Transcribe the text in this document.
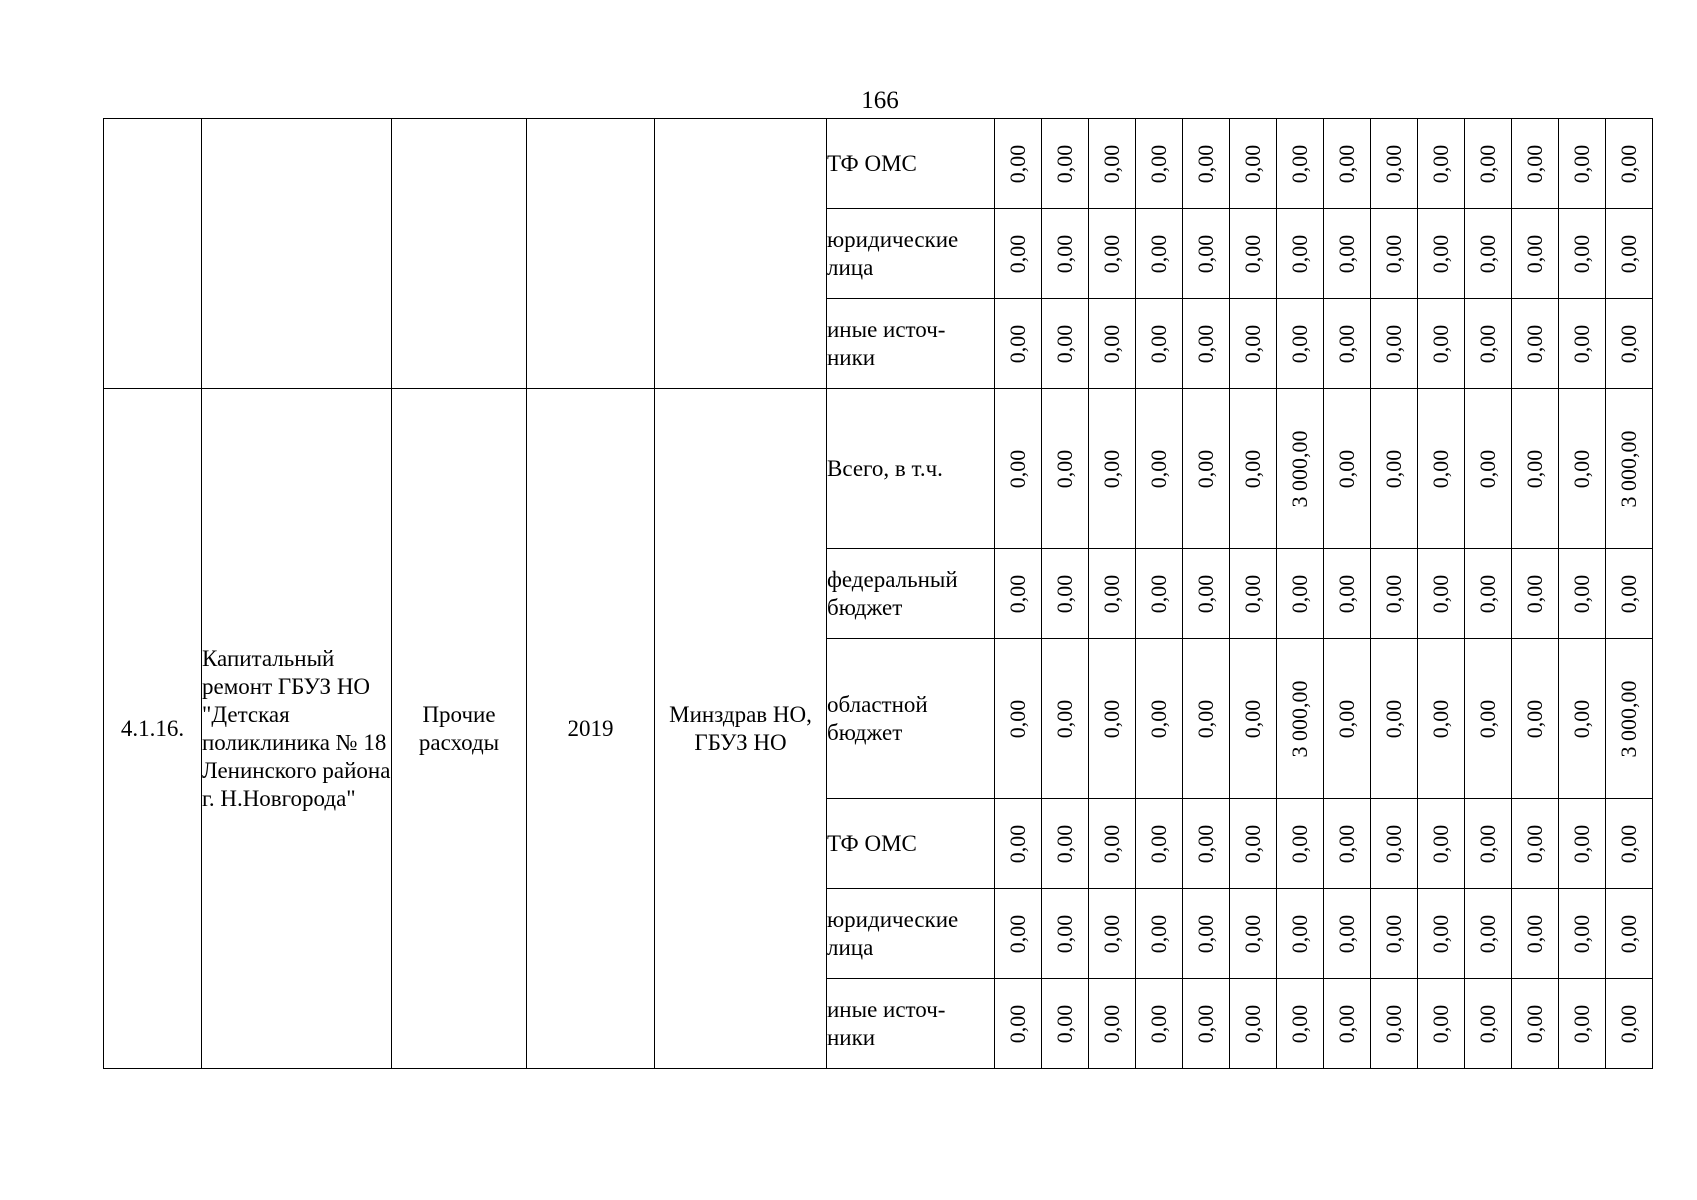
166
					ТФ ОМС	0,00	0,00	0,00	0,00	0,00	0,00	0,00	0,00	0,00	0,00	0,00	0,00	0,00	0,00

					юридические лица	0,00	0,00	0,00	0,00	0,00	0,00	0,00	0,00	0,00	0,00	0,00	0,00	0,00	0,00

					иные источ- ники	0,00	0,00	0,00	0,00	0,00	0,00	0,00	0,00	0,00	0,00	0,00	0,00	0,00	0,00

4.1.16.	Капитальный ремонт ГБУЗ НО "Детская поликлиника № 18 Ленинского района г. Н.Новгорода"	Прочие расходы	2019	Минздрав НО, ГБУЗ НО	Всего, в т.ч.	0,00	0,00	0,00	0,00	0,00	0,00	3 000,00	0,00	0,00	0,00	0,00	0,00	0,00	3 000,00

					федеральный бюджет	0,00	0,00	0,00	0,00	0,00	0,00	0,00	0,00	0,00	0,00	0,00	0,00	0,00	0,00

					областной бюджет	0,00	0,00	0,00	0,00	0,00	0,00	3 000,00	0,00	0,00	0,00	0,00	0,00	0,00	3 000,00

					ТФ ОМС	0,00	0,00	0,00	0,00	0,00	0,00	0,00	0,00	0,00	0,00	0,00	0,00	0,00	0,00

					юридические лица	0,00	0,00	0,00	0,00	0,00	0,00	0,00	0,00	0,00	0,00	0,00	0,00	0,00	0,00

					иные источ- ники	0,00	0,00	0,00	0,00	0,00	0,00	0,00	0,00	0,00	0,00	0,00	0,00	0,00	0,00
